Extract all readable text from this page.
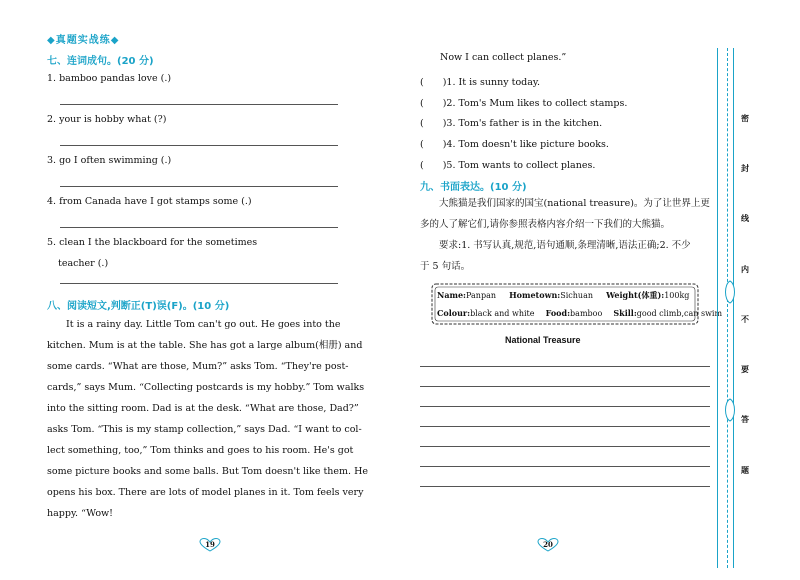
◆真题实战练◆
七、连词成句。(20 分)
1. bamboo pandas love (.)
2. your is hobby what (?)
3. go I often swimming (.)
4. from Canada have I got stamps some (.)
5. clean I the blackboard for the sometimes
teacher (.)
八、阅读短文,判断正(T)误(F)。(10 分)
It is a rainy day. Little Tom can't go out. He goes into the
kitchen. Mum is at the table. She has got a large album(相册) and
some cards. “What are those, Mum?” asks Tom. “They're post-
cards,” says Mum. “Collecting postcards is my hobby.” Tom walks
into the sitting room. Dad is at the desk. “What are those, Dad?”
asks Tom. “This is my stamp collection,” says Dad. “I want to col-
lect something, too,” Tom thinks and goes to his room. He's got
some picture books and some balls. But Tom doesn't like them. He
opens his box. There are lots of model planes in it. Tom feels very
happy. “Wow!
19
Now I can collect planes.”
(　　)1. It is sunny today.
(　　)2. Tom's Mum likes to collect stamps.
(　　)3. Tom's father is in the kitchen.
(　　)4. Tom doesn't like picture books.
(　　)5. Tom wants to collect planes.
九、书面表达。(10 分)
大熊猫是我们国家的国宝(national treasure)。为了让世界上更
多的人了解它们,请你参照表格内容介绍一下我们的大熊猫。
要求:1. 书写认真,规范,语句通顺,条理清晰,语法正确;2. 不少
于 5 句话。
Name:Panpan Hometown:Sichuan Weight(体重):100kg
Colour:black and white Food:bamboo Skill:good climb,can swim
National Treasure
20
密
封
线
内
不
要
答
题
